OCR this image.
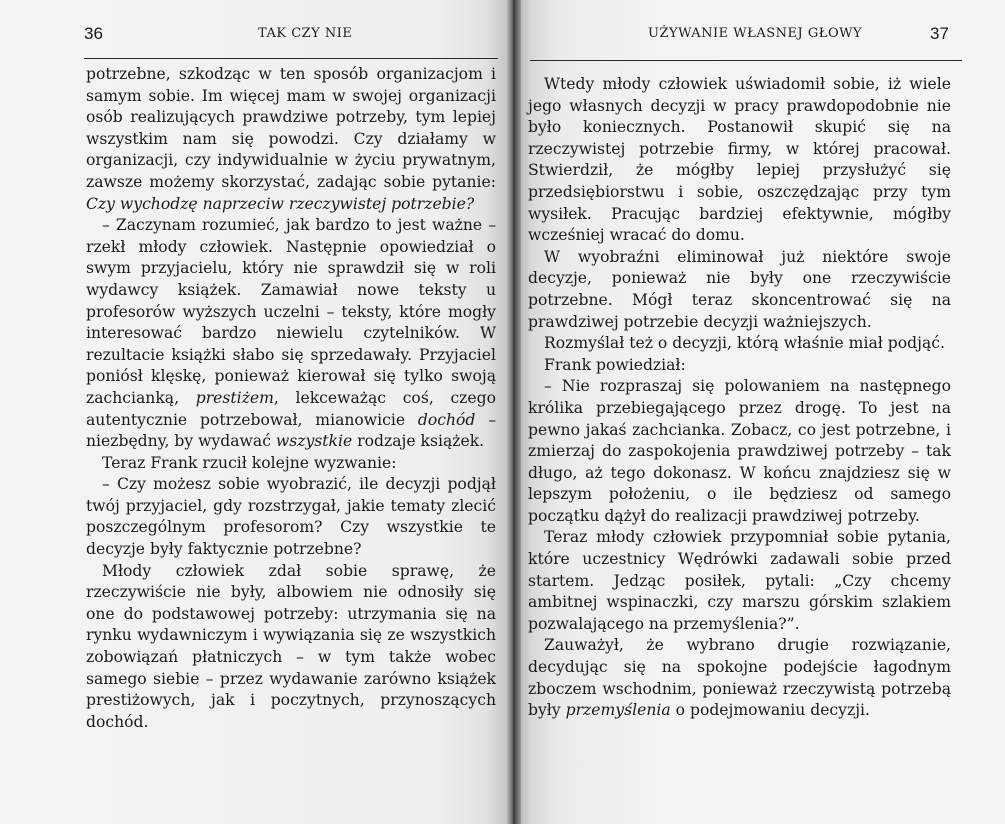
36	TAK CZY NIE

potrzebne, szkodząc w ten sposób organizacjom i samym sobie. Im więcej mam w swojej organizacji osób realizujących prawdziwe potrzeby, tym lepiej wszystkim nam się powodzi. Czy działamy w organizacji, czy indywidualnie w życiu prywatnym, zawsze możemy skorzystać, zadając sobie pytanie: Czy wychodzę naprzeciw rzeczywistej potrzebie?

– Zaczynam rozumieć, jak bardzo to jest ważne – rzekł młody człowiek. Następnie opowiedział o swym przyjacielu, który nie sprawdził się w roli wydawcy książek. Zamawiał nowe teksty u profesorów wyższych uczelni – teksty, które mogły interesować bardzo niewielu czytelników. W rezultacie książki słabo się sprzedawały. Przyjaciel poniósł klęskę, ponieważ kierował się tylko swoją zachcianką, prestiżem, lekceważąc coś, czego autentycznie potrzebował, mianowicie dochód – niezbędny, by wydawać wszystkie rodzaje książek.

Teraz Frank rzucił kolejne wyzwanie:

– Czy możesz sobie wyobrazić, ile decyzji podjął twój przyjaciel, gdy rozstrzygał, jakie tematy zlecić poszczególnym profesorom? Czy wszystkie te decyzje były faktycznie potrzebne?

Młody człowiek zdał sobie sprawę, że rzeczywiście nie były, albowiem nie odnosiły się one do podstawowej potrzeby: utrzymania się na rynku wydawniczym i wywiązania się ze wszystkich zobowiązań płatniczych – w tym także wobec samego siebie – przez wydawanie zarówno książek prestiżowych, jak i poczytnych, przynoszących dochód.

UŻYWANIE WŁASNEJ GŁOWY	37

Wtedy młody człowiek uświadomił sobie, iż wiele jego własnych decyzji w pracy prawdopodobnie nie było koniecznych. Postanowił skupić się na rzeczywistej potrzebie firmy, w której pracował. Stwierdził, że mógłby lepiej przysłużyć się przedsiębiorstwu i sobie, oszczędzając przy tym wysiłek. Pracując bardziej efektywnie, mógłby wcześniej wracać do domu.

W wyobraźni eliminował już niektóre swoje decyzje, ponieważ nie były one rzeczywiście potrzebne. Mógł teraz skoncentrować się na prawdziwej potrzebie decyzji ważniejszych.

Rozmyślał też o decyzji, którą właśnie miał podjąć.

Frank powiedział:

– Nie rozpraszaj się polowaniem na następnego królika przebiegającego przez drogę. To jest na pewno jakaś zachcianka. Zobacz, co jest potrzebne, i zmierzaj do zaspokojenia prawdziwej potrzeby – tak długo, aż tego dokonasz. W końcu znajdziesz się w lepszym położeniu, o ile będziesz od samego początku dążył do realizacji prawdziwej potrzeby.

Teraz młody człowiek przypomniał sobie pytania, które uczestnicy Wędrówki zadawali sobie przed startem. Jedząc posiłek, pytali: „Czy chcemy ambitnej wspinaczki, czy marszu górskim szlakiem pozwalającego na przemyślenia?”.

Zauważył, że wybrano drugie rozwiązanie, decydując się na spokojne podejście łagodnym zboczem wschodnim, ponieważ rzeczywistą potrzebą były przemyślenia o podejmowaniu decyzji.
